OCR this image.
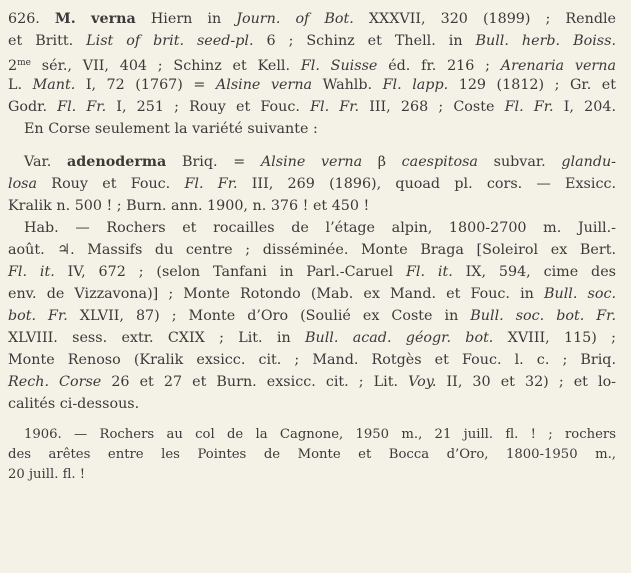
626. M. verna Hiern in Journ. of Bot. XXXVII, 320 (1899) ; Rendle
et Britt. List of brit. seed-pl. 6 ; Schinz et Thell. in Bull. herb. Boiss.
$2^{me}$ sér., VII, 404 ; Schinz et Kell. Fl. Suisse éd. fr. 216 ; Arenaria verna
L. Mant. I, 72 (1767) = Alsine verna Wahlb. Fl. lapp. 129 (1812) ; Gr. et
Godr. Fl. Fr. I, 251 ; Rouy et Fouc. Fl. Fr. III, 268 ; Coste Fl. Fr. I, 204.
En Corse seulement la variété suivante :
Var. adenoderma Briq. = Alsine verna β caespitosa subvar. glandu-
losa Rouy et Fouc. Fl. Fr. III, 269 (1896), quoad pl. cors. — Exsicc.
Kralik n. 500 ! ; Burn. ann. 1900, n. 376 ! et 450 !
Hab. — Rochers et rocailles de l’étage alpin, 1800-2700 m. Juill.-
août. ♃. Massifs du centre ; disséminée. Monte Braga [Soleirol ex Bert.
Fl. it. IV, 672 ; (selon Tanfani in Parl.-Caruel Fl. it. IX, 594, cime des
env. de Vizzavona)] ; Monte Rotondo (Mab. ex Mand. et Fouc. in Bull. soc.
bot. Fr. XLVII, 87) ; Monte d’Oro (Soulié ex Coste in Bull. soc. bot. Fr.
XLVIII. sess. extr. CXIX ; Lit. in Bull. acad. géogr. bot. XVIII, 115) ;
Monte Renoso (Kralik exsicc. cit. ; Mand. Rotgès et Fouc. l. c. ; Briq.
Rech. Corse 26 et 27 et Burn. exsicc. cit. ; Lit. Voy. II, 30 et 32) ; et lo-
calités ci-dessous.
1906. — Rochers au col de la Cagnone, 1950 m., 21 juill. fl. ! ; rochers
des arêtes entre les Pointes de Monte et Bocca d’Oro, 1800-1950 m.,
20 juill. fl. !
